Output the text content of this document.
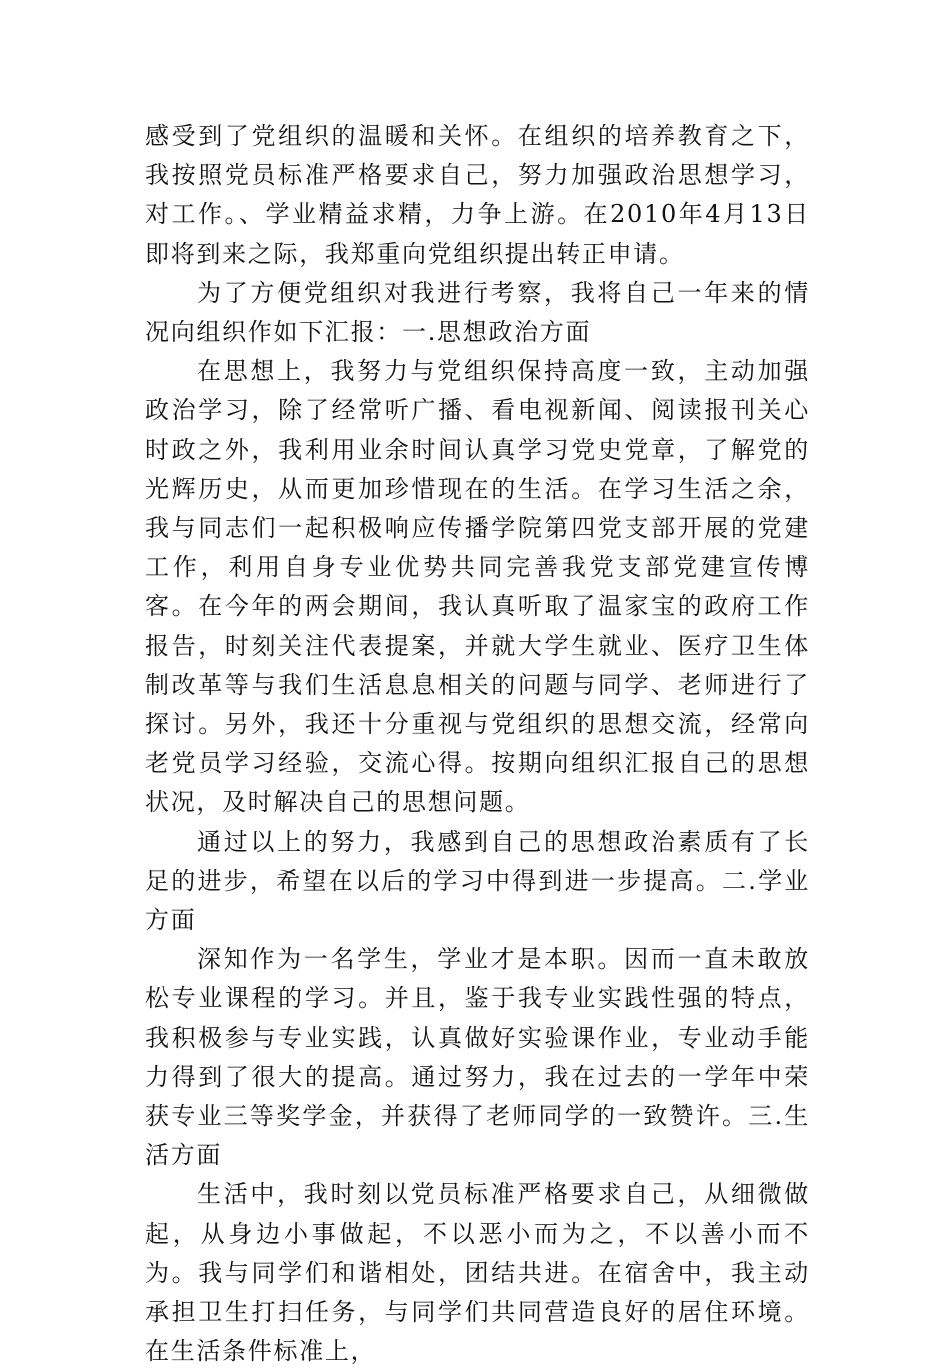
感受到了党组织的温暖和关怀。在组织的培养教育之下，我按照党员标准严格要求自己，努力加强政治思想学习，对工作。、学业精益求精，力争上游。在2010年4月13日即将到来之际，我郑重向党组织提出转正申请。

为了方便党组织对我进行考察，我将自己一年来的情况向组织作如下汇报：一.思想政治方面

在思想上，我努力与党组织保持高度一致，主动加强政治学习，除了经常听广播、看电视新闻、阅读报刊关心时政之外，我利用业余时间认真学习党史党章，了解党的光辉历史，从而更加珍惜现在的生活。在学习生活之余，我与同志们一起积极响应传播学院第四党支部开展的党建工作，利用自身专业优势共同完善我党支部党建宣传博客。在今年的两会期间，我认真听取了温家宝的政府工作报告，时刻关注代表提案，并就大学生就业、医疗卫生体制改革等与我们生活息息相关的问题与同学、老师进行了探讨。另外，我还十分重视与党组织的思想交流，经常向老党员学习经验，交流心得。按期向组织汇报自己的思想状况，及时解决自己的思想问题。

通过以上的努力，我感到自己的思想政治素质有了长足的进步，希望在以后的学习中得到进一步提高。二.学业方面

深知作为一名学生，学业才是本职。因而一直未敢放松专业课程的学习。并且，鉴于我专业实践性强的特点，我积极参与专业实践，认真做好实验课作业，专业动手能力得到了很大的提高。通过努力，我在过去的一学年中荣获专业三等奖学金，并获得了老师同学的一致赞许。三.生活方面

生活中，我时刻以党员标准严格要求自己，从细微做起，从身边小事做起，不以恶小而为之，不以善小而不为。我与同学们和谐相处，团结共进。在宿舍中，我主动承担卫生打扫任务，与同学们共同营造良好的居住环境。在生活条件标准上，
